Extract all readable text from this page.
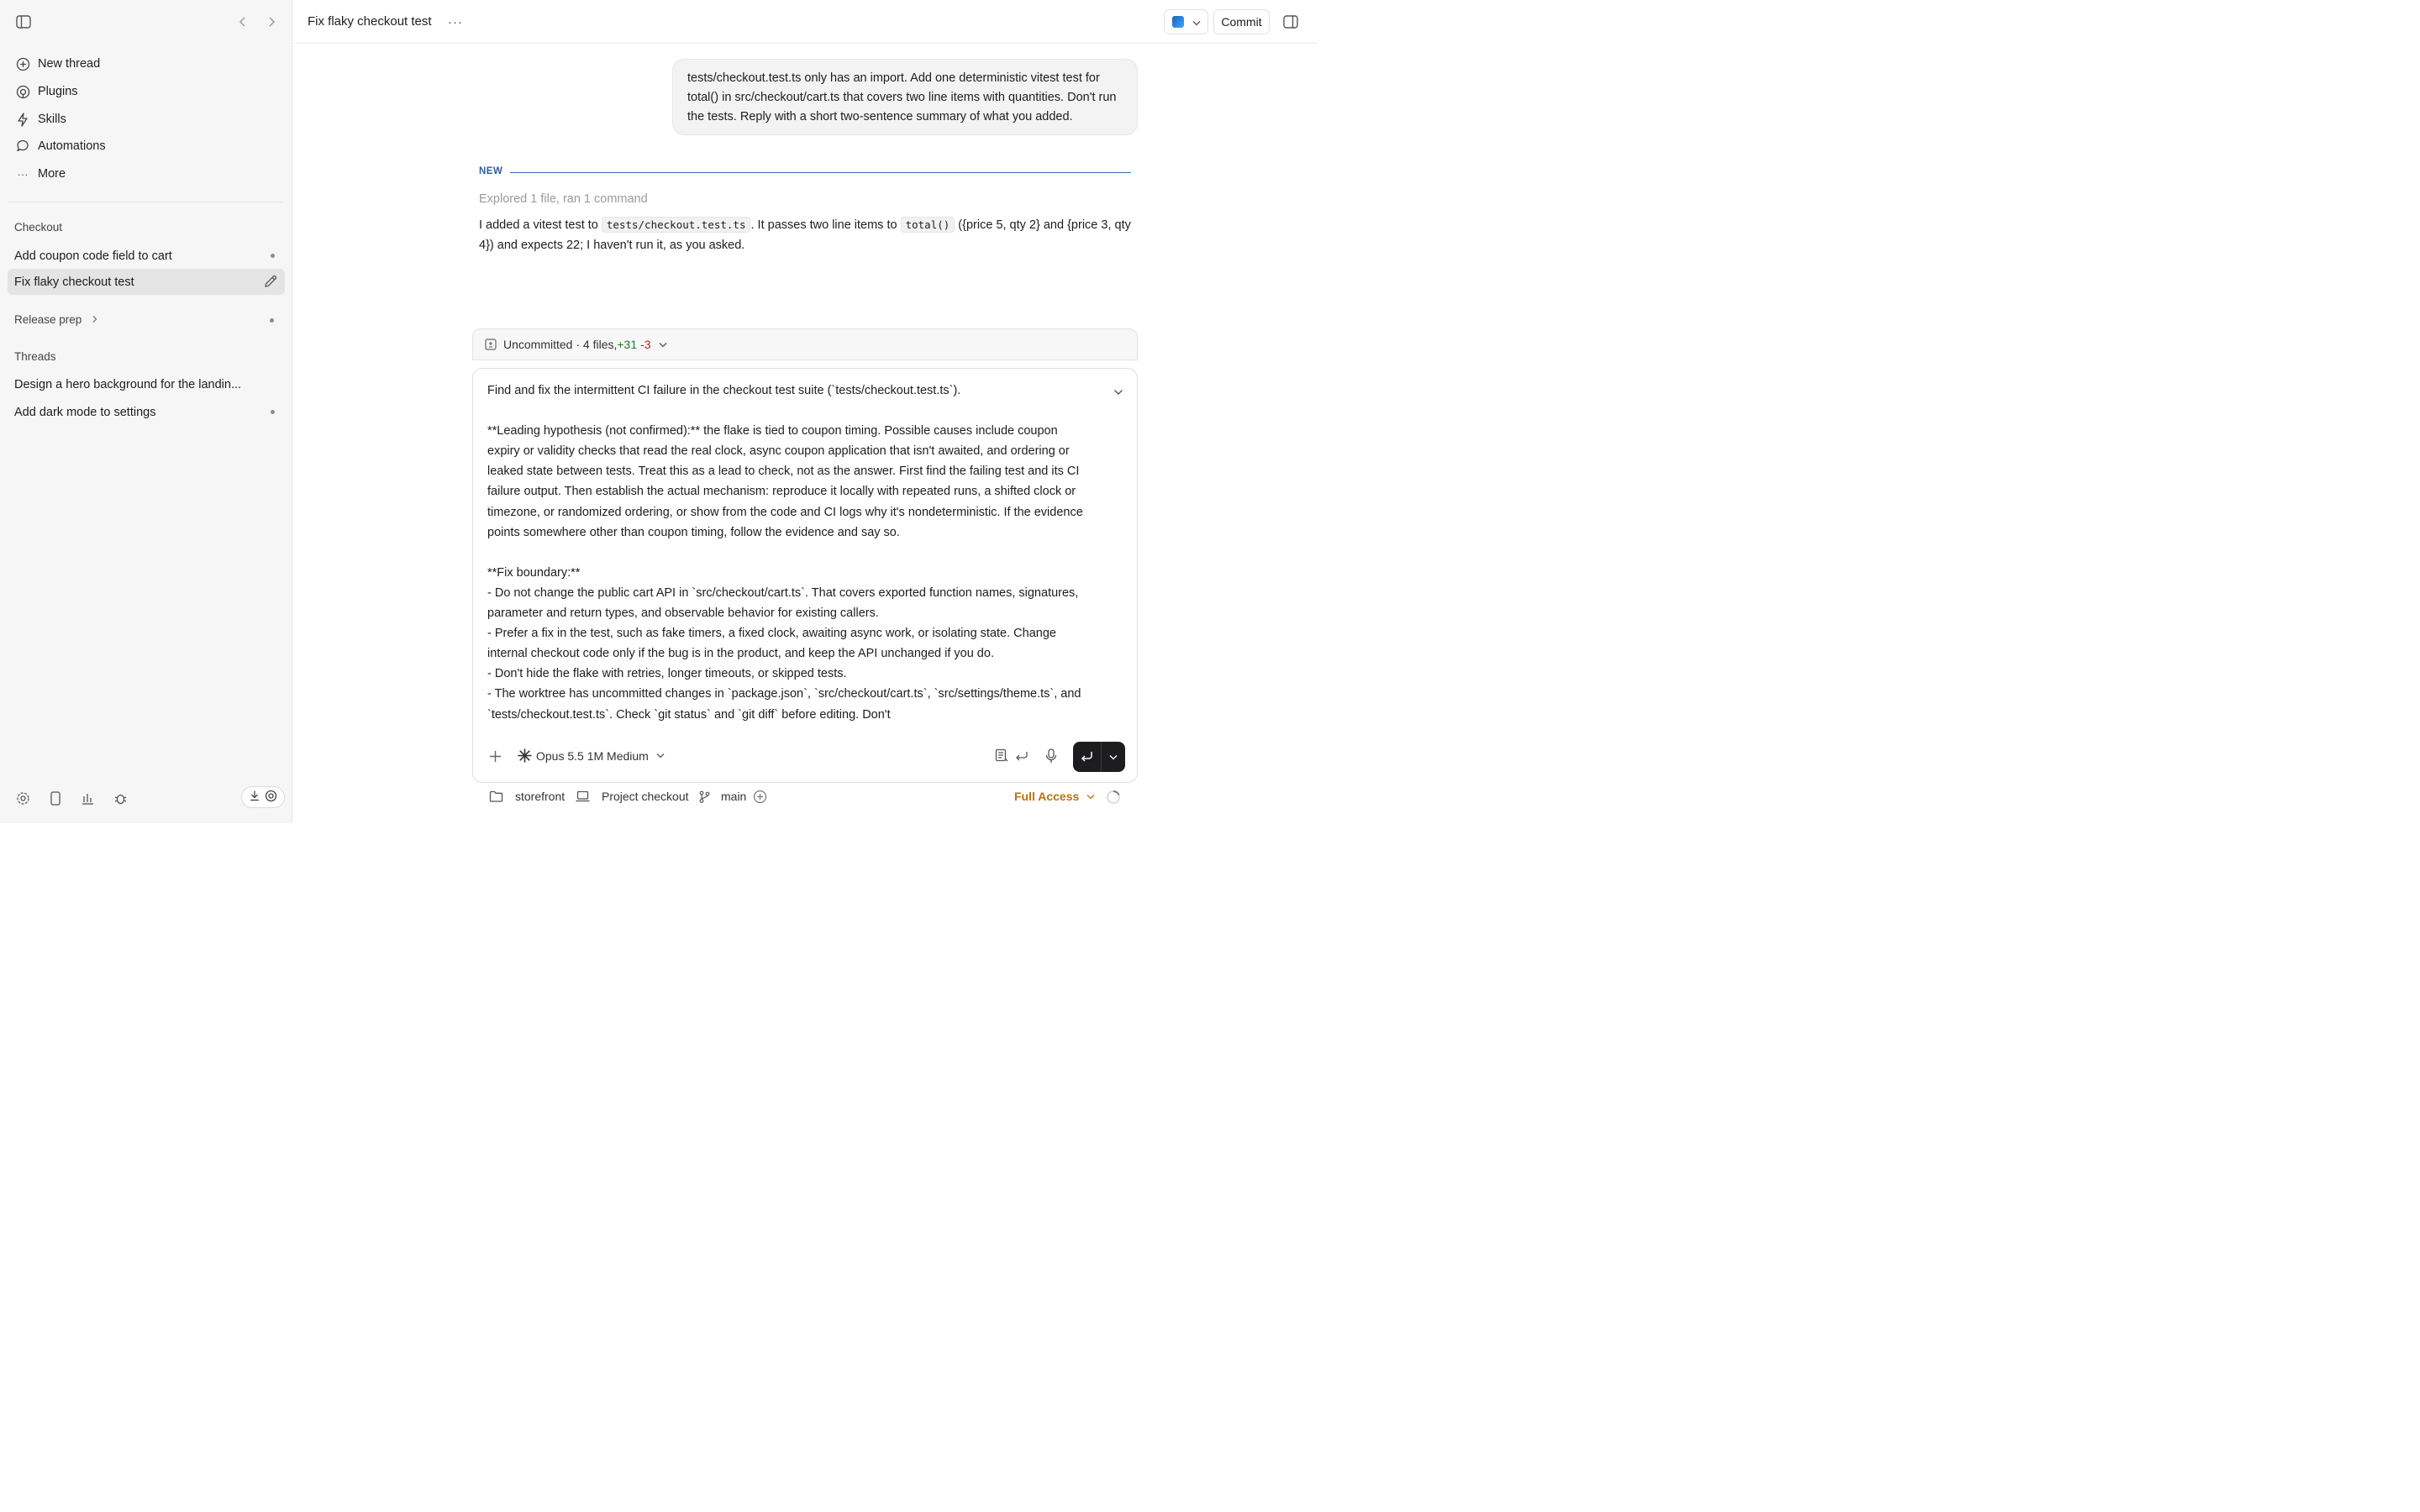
New thread
Plugins
Skills
Automations
··· More
Checkout
Add coupon code field to cart
Fix flaky checkout test
Release prep
Threads
Design a hero background for the landin...
Add dark mode to settings
Fix flaky checkout test ···	Commit
tests/checkout.test.ts only has an import. Add one deterministic vitest test for total() in src/checkout/cart.ts that covers two line items with quantities. Don't run the tests. Reply with a short two-sentence summary of what you added.
NEW
Explored 1 file, ran 1 command
I added a vitest test to tests/checkout.test.ts . It passes two line items to total() ({price 5, qty 2} and {price 3, qty 4}) and expects 22; I haven't run it, as you asked.
Uncommitted · 4 files, +31 -3
Find and fix the intermittent CI failure in the checkout test suite (`tests/checkout.test.ts`).

**Leading hypothesis (not confirmed):** the flake is tied to coupon timing. Possible causes include coupon expiry or validity checks that read the real clock, async coupon application that isn't awaited, and ordering or leaked state between tests. Treat this as a lead to check, not as the answer. First find the failing test and its CI failure output. Then establish the actual mechanism: reproduce it locally with repeated runs, a shifted clock or timezone, or randomized ordering, or show from the code and CI logs why it's nondeterministic. If the evidence points somewhere other than coupon timing, follow the evidence and say so.

**Fix boundary:**
- Do not change the public cart API in `src/checkout/cart.ts`. That covers exported function names, signatures, parameter and return types, and observable behavior for existing callers.
- Prefer a fix in the test, such as fake timers, a fixed clock, awaiting async work, or isolating state. Change internal checkout code only if the bug is in the product, and keep the API unchanged if you do.
- Don't hide the flake with retries, longer timeouts, or skipped tests.
- The worktree has uncommitted changes in `package.json`, `src/checkout/cart.ts`, `src/settings/theme.ts`, and `tests/checkout.test.ts`. Check `git status` and `git diff` before editing. Don't
Opus 5.5 1M Medium
storefront	Project checkout	main	Full Access
